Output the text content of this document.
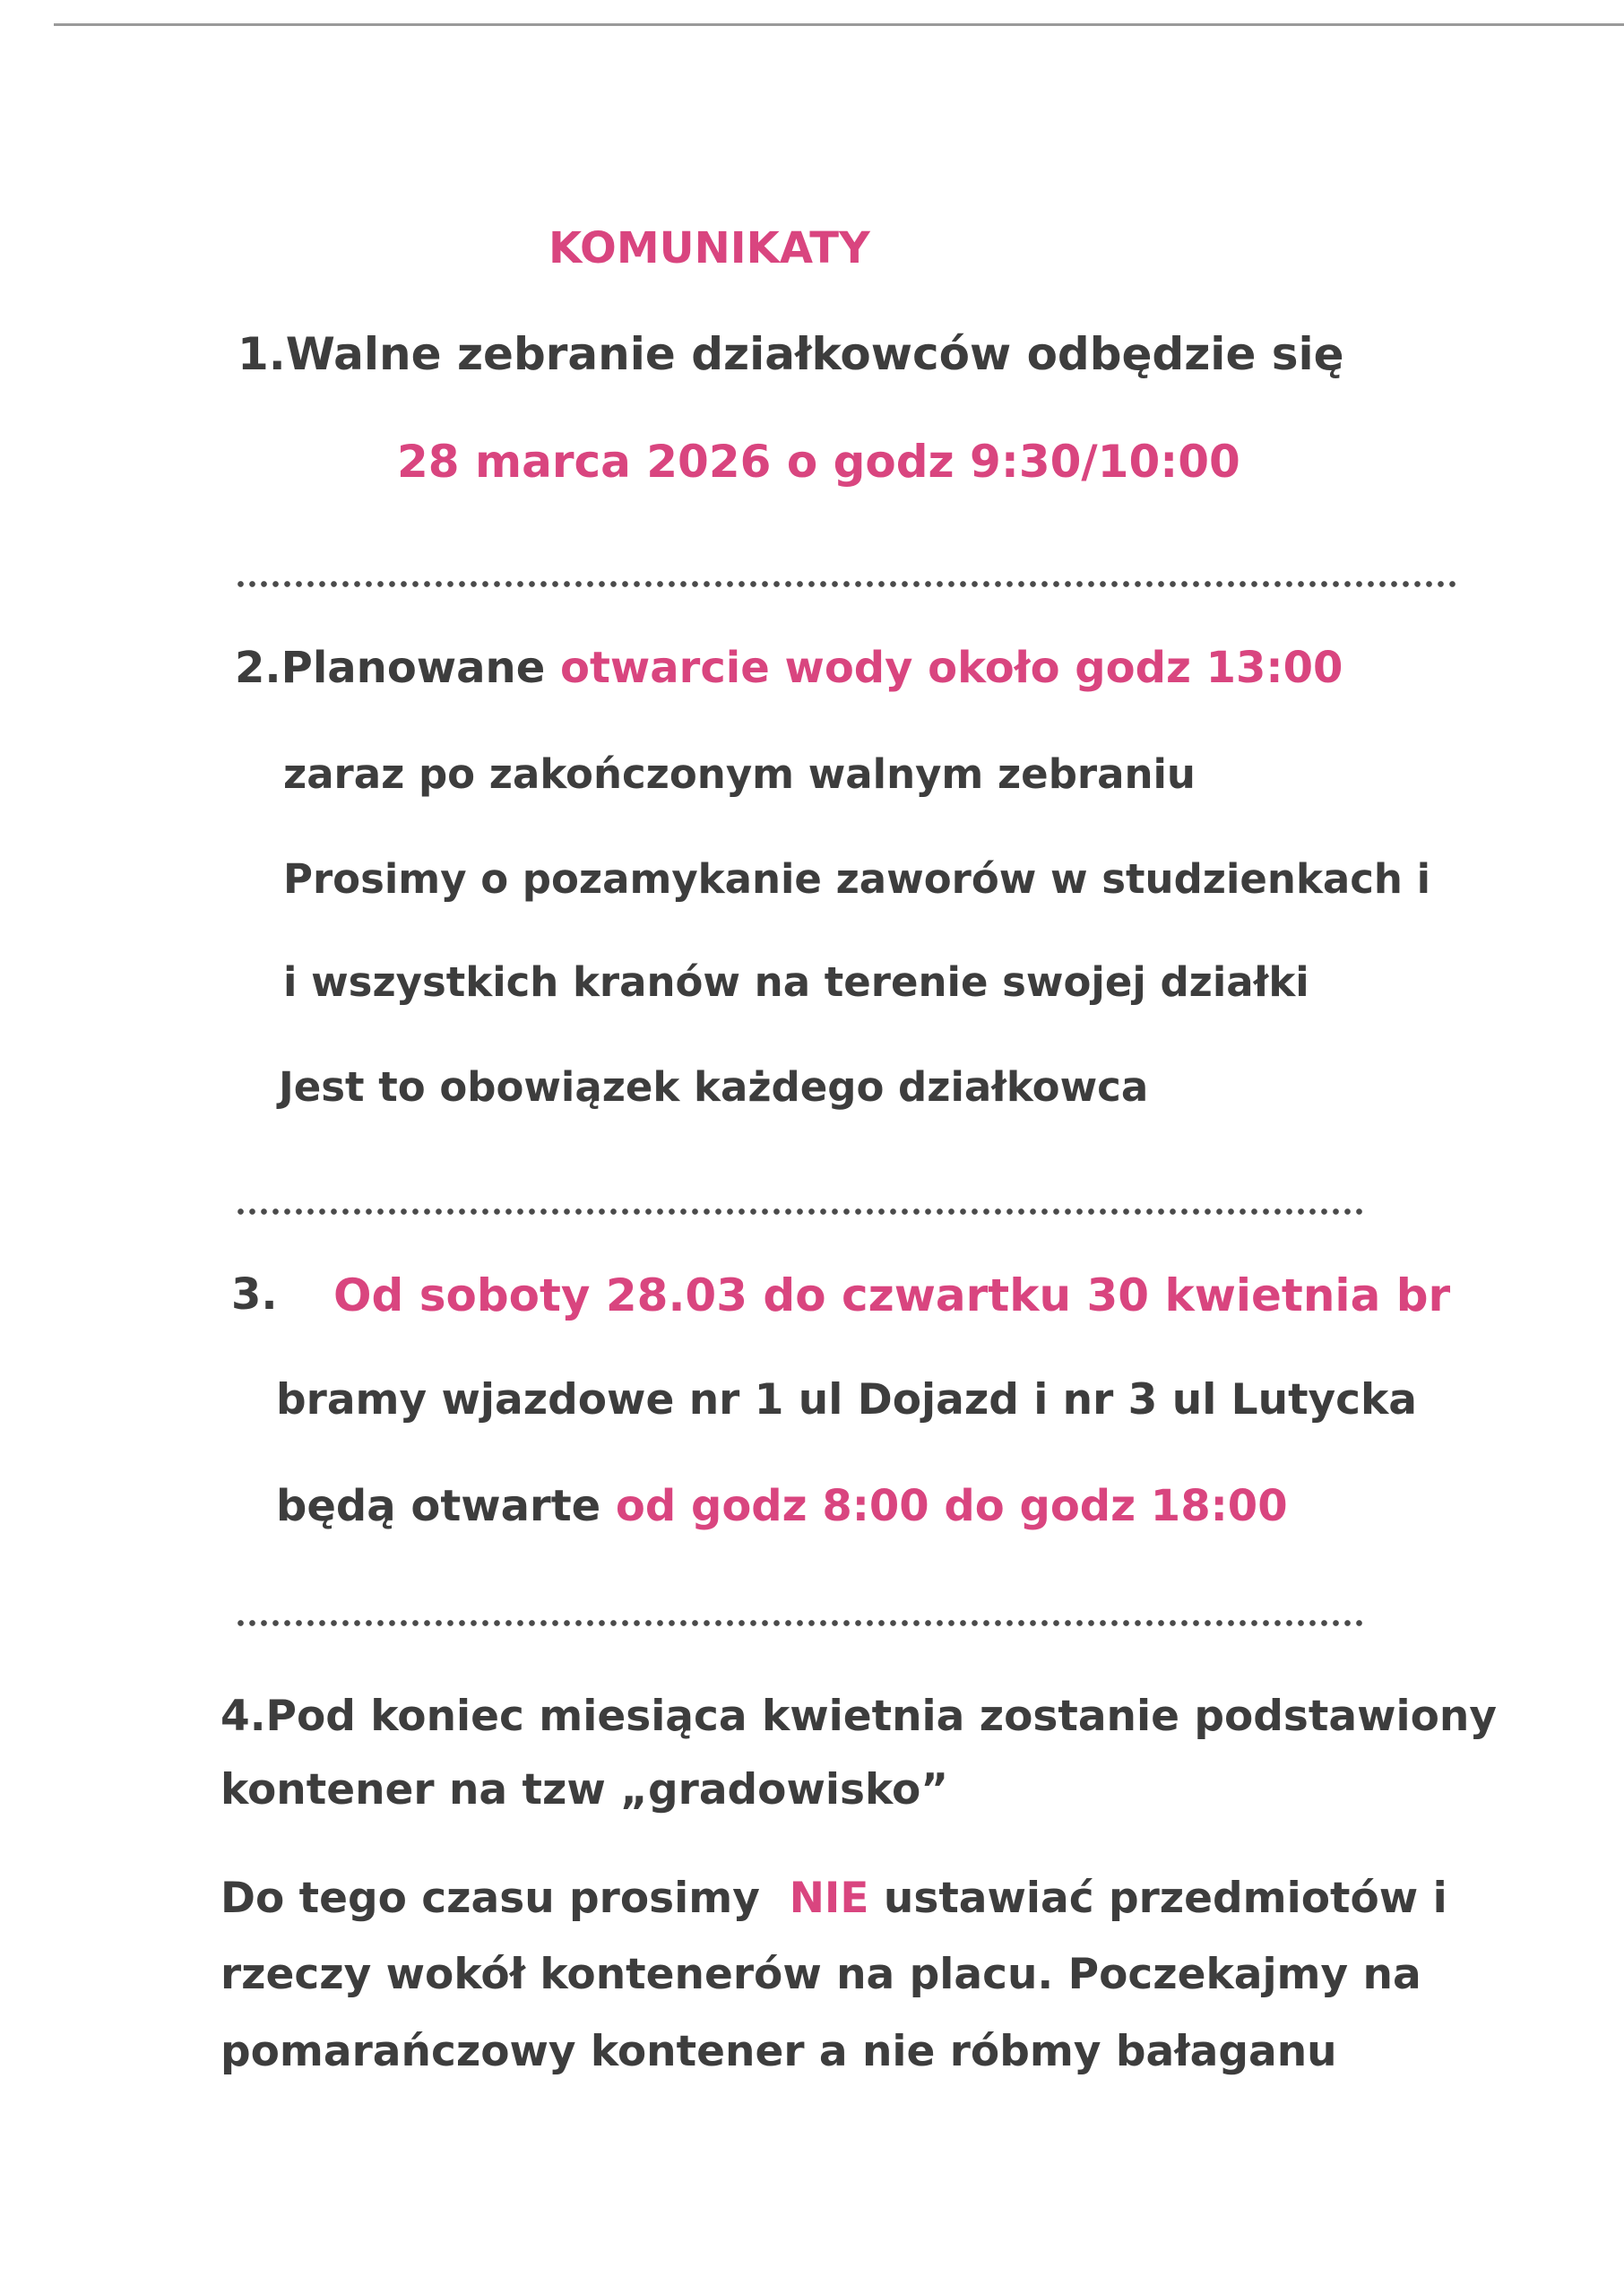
KOMUNIKATY
1.Walne zebranie działkowców odbędzie się
28 marca 2026 o godz 9:30/10:00
2.Planowane otwarcie wody około godz 13:00
zaraz po zakończonym walnym zebraniu
Prosimy o pozamykanie zaworów w studzienkach i
i wszystkich kranów na terenie swojej działki
Jest to obowiązek każdego działkowca
3. Od soboty 28.03 do czwartku 30 kwietnia br
bramy wjazdowe nr 1 ul Dojazd i nr 3 ul Lutycka
będą otwarte od godz 8:00 do godz 18:00
4.Pod koniec miesiąca kwietnia zostanie podstawiony
kontener na tzw „gradowisko”
Do tego czasu prosimy NIE ustawiać przedmiotów i
rzeczy wokół kontenerów na placu. Poczekajmy na
pomarańczowy kontener a nie róbmy bałaganu
